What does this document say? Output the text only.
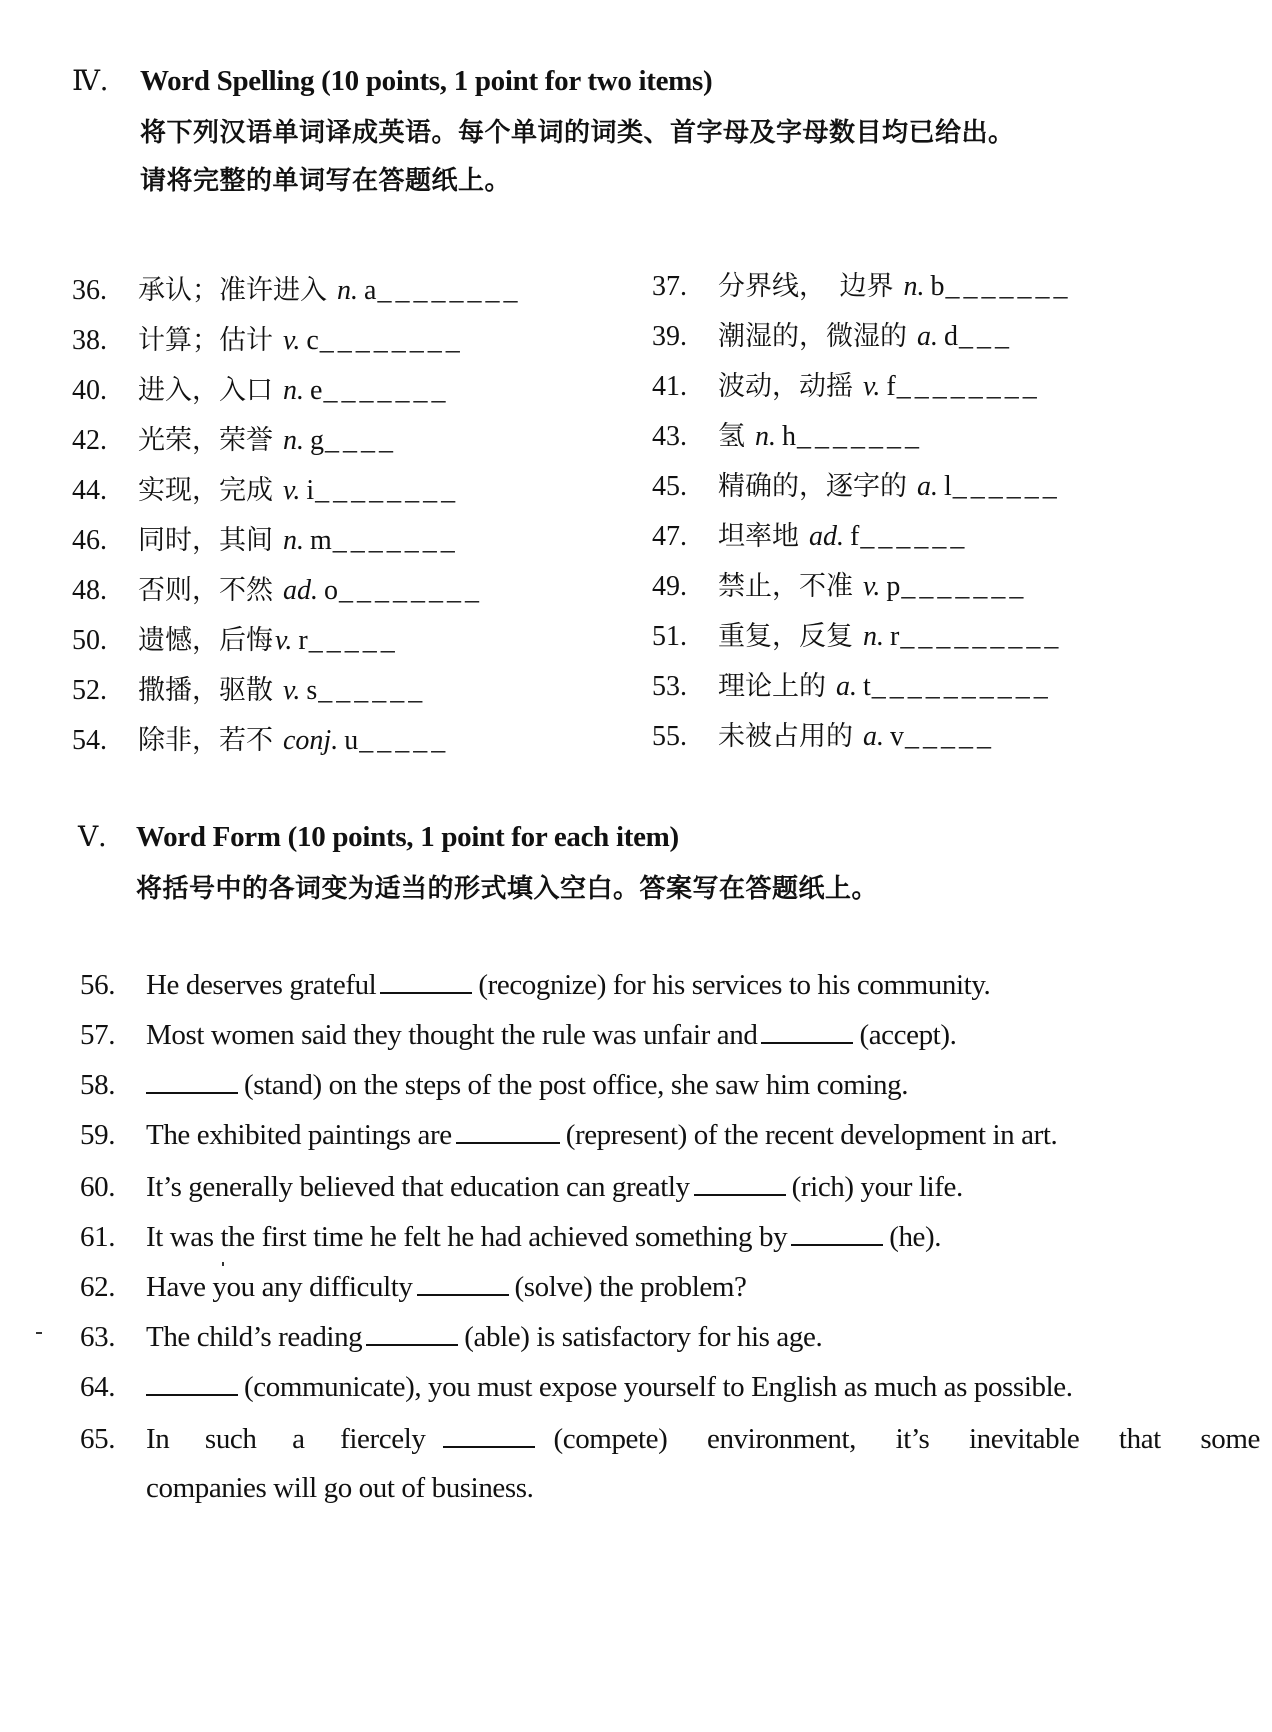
Ⅳ. Word Spelling (10 points, 1 point for two items)
将下列汉语单词译成英语。每个单词的词类、首字母及字母数目均已给出。
请将完整的单词写在答题纸上。
36.	承认；准许进入 n. a ________	37.	分界线，　边界 n. b _______
38.	计算；估计 v. c ________	39.	潮湿的，微湿的 a. d ___
40.	进入，入口 n. e _______	41.	波动，动摇 v. f ________
42.	光荣，荣誉 n. g ____	43.	氢 n. h _______
44.	实现，完成 v. i ________	45.	精确的，逐字的 a. l ______
46.	同时，其间 n. m _______	47.	坦率地 ad. f ______
48.	否则，不然 ad. o ________	49.	禁止，不准 v. p _______
50.	遗憾，后悔 v. r _____	51.	重复，反复 n. r _________
52.	撒播，驱散 v. s ______	53.	理论上的 a. t __________
54.	除非，若不 conj. u _____	55.	未被占用的 a. v _____
Ⅴ. Word Form (10 points, 1 point for each item)
将括号中的各词变为适当的形式填入空白。答案写在答题纸上。
56. He deserves grateful	(recognize) for his services to his community.
57. Most women said they thought the rule was unfair and	(accept).
58.	(stand) on the steps of the post office, she saw him coming.
59. The exhibited paintings are	(represent) of the recent development in art.
60. It’s generally believed that education can greatly	(rich) your life.
61. It was the first time he felt he had achieved something by	(he).
62. Have you any difficulty	(solve) the problem?
63. The child’s reading	(able) is satisfactory for his age.
64.	(communicate), you must expose yourself to English as much as possible.
65. In such a fiercely	(compete) environment, it’s inevitable that some
companies will go out of business.
